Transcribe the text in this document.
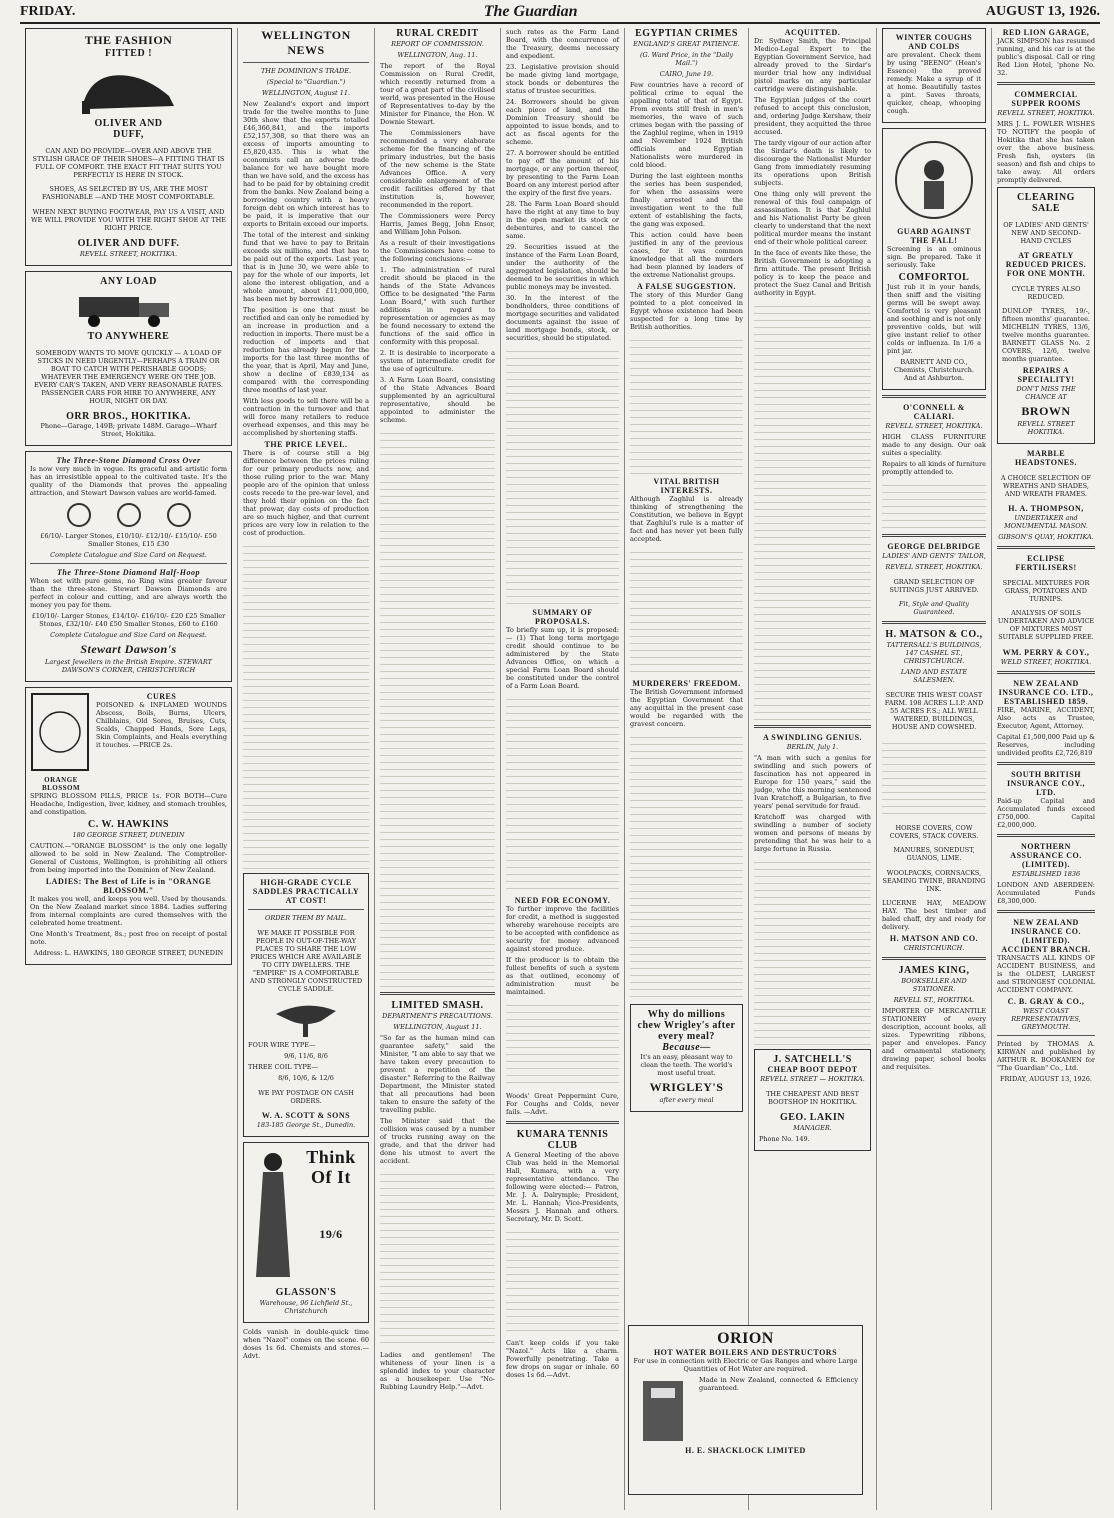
FRIDAY.	The Guardian	AUGUST 13, 1926.
THE FASHION
FITTED !
OLIVER AND
DUFF,

CAN AND DO PROVIDE—OVER AND ABOVE THE STYLISH GRACE OF THEIR SHOES—A FITTING THAT IS FULL OF COMFORT. THE EXACT FIT THAT SUITS YOU PERFECTLY IS HERE IN STOCK.

SHOES, AS SELECTED BY US, ARE THE MOST FASHIONABLE —AND THE MOST COMFORTABLE.

WHEN NEXT BUYING FOOTWEAR, PAY US A VISIT, AND WE WILL PROVIDE YOU WITH THE RIGHT SHOE AT THE RIGHT PRICE.

OLIVER AND DUFF.
REVELL STREET, HOKITIKA.
ANY LOAD
TO ANYWHERE

SOMEBODY WANTS TO MOVE QUICKLY — A LOAD OF STICKS IN NEED URGENTLY—PERHAPS A TRAIN OR BOAT TO CATCH WITH PERISHABLE GOODS; WHATEVER THE EMERGENCY WERE ON THE JOB. EVERY CAR'S TAKEN, AND VERY REASONABLE RATES. PASSENGER CARS FOR HIRE TO ANYWHERE, ANY HOUR, NIGHT OR DAY.

ORR BROS., HOKITIKA.
Phone—Garage, 149B; private 148M. Garage—Wharf Street, Hokitika.
The Three-Stone Diamond Cross Over

Is now very much in vogue. Its graceful and artistic form has an irresistible appeal to the cultivated taste. It's the quality of the Diamonds that proves the appealing attraction, and Stewart Dawson values are world-famed.

£6/10/- Larger Stones, £10/10/- £12/10/- £15/10/- £50 Smaller Stones, £15 £30

Complete Catalogue and Size Card on Request.

The Three-Stone Diamond Half-Hoop

When set with pure gems, no Ring wins greater favour than the three-stone. Stewart Dawson Diamonds are perfect in colour and cutting, and are always worth the money you pay for them.

£10/10/- Larger Stones, £14/10/- £16/10/- £20 £25 Smaller Stones, £32/10/- £40 £50 Smaller Stones, £60 to £160

Complete Catalogue and Size Card on Request.

Stewart Dawson's
Largest Jewellers in the British Empire. STEWART DAWSON'S CORNER, CHRISTCHURCH
ORANGE BLOSSOM
CURES

POISONED & INFLAMED WOUNDS Abscess, Boils, Burns, Ulcers, Chilblains, Old Sores, Bruises, Cuts, Scalds, Chapped Hands, Sore Legs, Skin Complaints, and Heals everything it touches. —PRICE 2s.

SPRING BLOSSOM PILLS, PRICE 1s. FOR BOTH—Cure Headache, Indigestion, liver, kidney, and stomach troubles, and constipation.

C. W. HAWKINS
180 GEORGE STREET, DUNEDIN

CAUTION.—"ORANGE BLOSSOM" is the only one legally allowed to be sold in New Zealand. The Comptroller-General of Customs, Wellington, is prohibiting all others from being imported into the Dominion of New Zealand.

LADIES: The Best of Life is in "ORANGE BLOSSOM."

It makes you well, and keeps you well. Used by thousands. On the New Zealand market since 1884. Ladies suffering from internal complaints are cured themselves with the celebrated home treatment.

One Month's Treatment, 8s.; post free on receipt of postal note.

Address: L. HAWKINS, 180 GEORGE STREET, DUNEDIN

WELLINGTON NEWS
THE DOMINION'S TRADE.
(Special to "Guardian.")
WELLINGTON, August 11.

New Zealand's export and import trade for the twelve months to June 30th show that the exports totalled £46,366,841, and the imports £52,157,308, so that there was an excess of imports amounting to £5,820,435. This is what the economists call an adverse trade balance for we have bought more than we have sold, and the excess has had to be paid for by obtaining credit from the banks. New Zealand being a borrowing country with a heavy foreign debt on which interest has to be paid, it is imperative that our exports to Britain exceed our imports.

The total of the interest and sinking fund that we have to pay to Britain exceeds six millions, and that has to be paid out of the exports. Last year, that is in June 30, we were able to pay for the whole of our imports, let alone the interest obligation, and a whole amount, about £11,000,000, has been met by borrowing.

The position is one that must be rectified and can only be remedied by an increase in production and a reduction in imports. There must be a reduction of imports and that reduction has already begun for the imports for the last three months of the year, that is April, May and June, show a decline of £839,134 as compared with the corresponding three months of last year.

With less goods to sell there will be a contraction in the turnover and that will force many retailers to reduce overhead expenses, and this may be accomplished by shortening staffs.

THE PRICE LEVEL.

There is of course still a big difference between the prices ruling for our primary products now, and those ruling prior to the war. Many people are of the opinion that unless costs recede to the pre-war level, and they hold their opinion on the fact that prewar, day costs of production are so much higher, and that current prices are very low in relation to the cost of production.

HIGH-GRADE CYCLE SADDLES PRACTICALLY AT COST!
ORDER THEM BY MAIL.

WE MAKE IT POSSIBLE FOR PEOPLE IN OUT-OF-THE-WAY PLACES TO SHARE THE LOW PRICES WHICH ARE AVAILABLE TO CITY DWELLERS. THE "EMPIRE" IS A COMFORTABLE AND STRONGLY CONSTRUCTED CYCLE SADDLE.

FOUR WIRE TYPE—
9/6, 11/6, 8/6
THREE COIL TYPE—
8/6, 10/6, & 12/6

WE PAY POSTAGE ON CASH ORDERS.

W. A. SCOTT & SONS
183-185 George St., Dunedin.
Think Of It
19/6
GLASSON'S
Warehouse, 96 Lichfield St., Christchurch

Colds vanish in double-quick time when "Nazol" comes on the scene. 60 doses 1s 6d. Chemists and stores.—Advt.

RURAL CREDIT
REPORT OF COMMISSION.
WELLINGTON, Aug. 11.

The report of the Royal Commission on Rural Credit, which recently returned from a tour of a great part of the civilised world, was presented in the House of Representatives to-day by the Minister for Finance, the Hon. W. Downie Stewart.

The Commissioners have recommended a very elaborate scheme for the financing of the primary industries, but the basis of the new scheme is the State Advances Office. A very considerable enlargement of the credit facilities offered by that institution is, however, recommended in the report.

The Commissioners were Percy Harris, James Begg, John Ensor, and William John Polson.

As a result of their investigations the Commissioners have come to the following conclusions:—

1. The administration of rural credit should be placed in the hands of the State Advances Office to be designated "the Farm Loan Board," with such further additions in regard to representation or agencies as may be found necessary to extend the functions of the said office in conformity with this proposal.

2. It is desirable to incorporate a system of intermediate credit for the use of agriculture.

3. A Farm Loan Board, consisting of the State Advances Board supplemented by an agricultural representative, should be appointed to administer the scheme.

LIMITED SMASH.
DEPARTMENT'S PRECAUTIONS.
WELLINGTON, August 11.

"So far as the human mind can guarantee safety," said the Minister, "I am able to say that we have taken every precaution to prevent a repetition of the disaster." Referring to the Railway Department, the Minister stated that all precautions had been taken to ensure the safety of the travelling public.

The Minister said that the collision was caused by a number of trucks running away on the grade, and that the driver had done his utmost to avert the accident.

Ladies and gentlemen! The whiteness of your linen is a splendid index to your character as a housekeeper. Use "No-Rubbing Laundry Help."—Advt.

such rates as the Farm Land Board, with the concurrence of the Treasury, deems necessary and expedient.

23. Legislative provision should be made giving land mortgage, stock bonds or debentures the status of trustee securities.

24. Borrowers should be given each piece of land, and the Dominion Treasury should be appointed to issue bonds, and to act as fiscal agents for the scheme.

27. A borrower should be entitled to pay off the amount of his mortgage, or any portion thereof, by presenting to the Farm Loan Board on any interest period after the expiry of the first five years.

28. The Farm Loan Board should have the right at any time to buy in the open market its stock or debentures, and to cancel the same.

29. Securities issued at the instance of the Farm Loan Board, under the authority of the aggregated legislation, should be deemed to be securities in which public moneys may be invested.

30. In the interest of the bondholders, three conditions of mortgage securities and validated documents against the issue of land mortgage bonds, stock, or securities, should be stipulated.

SUMMARY OF PROPOSALS.

To briefly sum up, it is proposed:— (1) That long term mortgage credit should continue to be administered by the State Advances Office, on which a special Farm Loan Board should be constituted under the control of a Farm Loan Board.

NEED FOR ECONOMY.

To further improve the facilities for credit, a method is suggested whereby warehouse receipts are to be accepted with confidence as security for money advanced against stored produce.

If the producer is to obtain the fullest benefits of such a system as that outlined, economy of administration must be maintained.

Woods' Great Peppermint Cure, For Coughs and Colds, never fails. —Advt.

KUMARA TENNIS CLUB

A General Meeting of the above Club was held in the Memorial Hall, Kumara, with a very representative attendance. The following were elected:— Patron, Mr. J. A. Dalrymple; President, Mr. L. Hannah; Vice-Presidents, Messrs J. Hannah and others. Secretary, Mr. D. Scott.

Can't keep colds if you take "Nazol." Acts like a charm. Powerfully penetrating. Take a few drops on sugar or inhale. 60 doses 1s 6d.—Advt.

EGYPTIAN CRIMES
ENGLAND'S GREAT PATIENCE.
(G. Ward Price, in the "Daily Mail.")
CAIRO, June 19.

Few countries have a record of political crime to equal the appalling total of that of Egypt. From events still fresh in men's memories, the wave of such crimes began with the passing of the Zaghlul regime, when in 1919 and November 1924 British officials and Egyptian Nationalists were murdered in cold blood.

During the last eighteen months the series has been suspended, for when the assassins were finally arrested and the investigation went to the full extent of establishing the facts, the gang was exposed.

This action could have been justified in any of the previous cases, for it was common knowledge that all the murders had been planned by leaders of the extreme Nationalist groups.

A FALSE SUGGESTION.

The story of this Murder Gang pointed to a plot conceived in Egypt whose existence had been suspected for a long time by British authorities.

VITAL BRITISH INTERESTS.

Although Zaghlul is already thinking of strengthening the Constitution, we believe in Egypt that Zaghlul's rule is a matter of fact and has never yet been fully accepted.

MURDERERS' FREEDOM.

The British Government informed the Egyptian Government that any acquittal in the present case would be regarded with the gravest concern.

Why do millions chew Wrigley's after every meal?
Because—

It's an easy, pleasant way to clean the teeth. The world's most useful treat.

WRIGLEY'S
after every meal
ACQUITTED.

Dr. Sydney Smith, the Principal Medico-Legal Expert to the Egyptian Government Service, had already proved to the Sirdar's murder trial how any individual pistol marks on any particular cartridge were distinguishable.

The Egyptian judges of the court refused to accept this conclusion, and, ordering Judge Kershaw, their president, they acquitted the three accused.

The tardy vigour of our action after the Sirdar's death is likely to discourage the Nationalist Murder Gang from immediately resuming its operations upon British subjects.

One thing only will prevent the renewal of this foul campaign of assassination. It is that Zaghlul and his Nationalist Party be given clearly to understand that the next political murder means the instant end of their whole political career.

In the face of events like these, the British Government is adopting a firm attitude. The present British policy is to keep the peace and protect the Suez Canal and British authority in Egypt.

A SWINDLING GENIUS.
BERLIN, July 1.

"A man with such a genius for swindling and such powers of fascination has not appeared in Europe for 150 years," said the judge, who this morning sentenced Ivan Kratchoff, a Bulgarian, to five years' penal servitude for fraud.

Kratchoff was charged with swindling a number of society women and persons of means by pretending that he was heir to a large fortune in Russia.

J. SATCHELL'S
CHEAP BOOT DEPOT
REVELL STREET — HOKITIKA.

THE CHEAPEST AND BEST BOOTSHOP IN HOKITIKA.

GEO. LAKIN
MANAGER.
Phone No. 149.
ORION
HOT WATER BOILERS AND DESTRUCTORS

For use in connection with Electric or Gas Ranges and where Large Quantities of Hot Water are required.

Made in New Zealand, connected & Efficiency guaranteed.

H. E. SHACKLOCK LIMITED
WINTER COUGHS AND COLDS

are prevalent. Check them by using "BEENO" (Hean's Essence) the proved remedy. Make a syrup of it at home. Beautifully tastes a pint. Saves throats, quicker, cheap, whooping cough.

GUARD AGAINST THE FALL!

Screening is an ominous sign. Be prepared. Take it seriously. Take

COMFORTOL

Just rub it in your hands, then sniff and the visiting germs will be swept away. Comfortol is very pleasant and soothing and is not only preventive colds, but will give instant relief to other colds or influenza. In 1/6 a pint jar.

BARNETT AND CO., Chemists, Christchurch. And at Ashburton.

O'CONNELL & CALIARI.
REVELL STREET, HOKITIKA.

HIGH CLASS FURNITURE made to any design. Our oak suites a speciality.

Repairs to all kinds of furniture promptly attended to.

GEORGE DELBRIDGE
LADIES' AND GENTS' TAILOR,
REVELL STREET, HOKITIKA.

GRAND SELECTION OF SUITINGS JUST ARRIVED.

Fit, Style and Quality Guaranteed.

H. MATSON & CO.,
TATTERSALL'S BUILDINGS, 147 CASHEL ST., CHRISTCHURCH.
LAND AND ESTATE SALESMEN.

SECURE THIS WEST COAST FARM. 198 ACRES L.I.P. AND 55 ACRES F.S.; ALL WELL WATERED, BUILDINGS, HOUSE AND COWSHED.

HORSE COVERS, COW COVERS, STACK COVERS.

MANURES, SONEDUST, GUANOS, LIME.

WOOLPACKS, CORNSACKS, SEAMING TWINE, BRANDING INK.

LUCERNE HAY, MEADOW HAY. The best timber and baled chaff, dry and ready for delivery.

H. MATSON AND CO.
CHRISTCHURCH.
JAMES KING,
BOOKSELLER AND STATIONER.
REVELL ST., HOKITIKA.

IMPORTER OF MERCANTILE STATIONERY of every description, account books, all sizes. Typewriting ribbons, paper and envelopes. Fancy and ornamental stationery, drawing paper, school books and requisites.

RED LION GARAGE,

JACK SIMPSON has resumed running, and his car is at the public's disposal. Call or ring Red Lion Hotel, 'phone No. 32.

COMMERCIAL SUPPER ROOMS
REVELL STREET, HOKITIKA.

MRS J. L. FOWLER WISHES TO NOTIFY the people of Hokitika that she has taken over the above business. Fresh fish, oysters (in season) and fish and chips to take away. All orders promptly delivered.

CLEARING SALE

OF LADIES' AND GENTS' NEW AND SECOND-HAND CYCLES

AT GREATLY REDUCED PRICES.
FOR ONE MONTH.

CYCLE TYRES ALSO REDUCED.

DUNLOP TYRES, 19/-, fifteen months' guarantee. MICHELIN TYRES, 13/6, twelve months guarantee. BARNETT GLASS No. 2 COVERS, 12/6, twelve months guarantee.

REPAIRS A SPECIALITY!
DON'T MISS THE CHANCE AT
BROWN
REVELL STREET HOKITIKA.
MARBLE HEADSTONES.

A CHOICE SELECTION OF WREATHS AND SHADES, AND WREATH FRAMES.

H. A. THOMPSON,
UNDERTAKER and MONUMENTAL MASON.
GIBSON'S QUAY, HOKITIKA.
ECLIPSE FERTILISERS!

SPECIAL MIXTURES FOR GRASS, POTATOES AND TURNIPS.

ANALYSIS OF SOILS UNDERTAKEN AND ADVICE OF MIXTURES MOST SUITABLE SUPPLIED FREE.

WM. PERRY & COY.,
WELD STREET, HOKITIKA.
NEW ZEALAND INSURANCE CO. LTD., ESTABLISHED 1859.

FIRE, MARINE, ACCIDENT, Also acts as Trustee, Executor, Agent, Attorney.

Capital £1,500,000 Paid up & Reserves, including undivided profits £2,726,819

SOUTH BRITISH INSURANCE COY., LTD.

Paid-up Capital and Accumulated funds exceed £750,000. Capital £2,000,000.

NORTHERN ASSURANCE CO. (LIMITED).
ESTABLISHED 1836

LONDON AND ABERDEEN: Accumulated Funds £8,300,000.

NEW ZEALAND INSURANCE CO. (LIMITED).
ACCIDENT BRANCH.

TRANSACTS ALL KINDS OF ACCIDENT BUSINESS, and is the OLDEST, LARGEST and STRONGEST COLONIAL ACCIDENT COMPANY.

C. B. GRAY & CO.,
WEST COAST REPRESENTATIVES, GREYMOUTH.

Printed by THOMAS A. KIRWAN and published by ARTHUR R. BOOKANEN for "The Guardian" Co., Ltd.

FRIDAY, AUGUST 13, 1926.
